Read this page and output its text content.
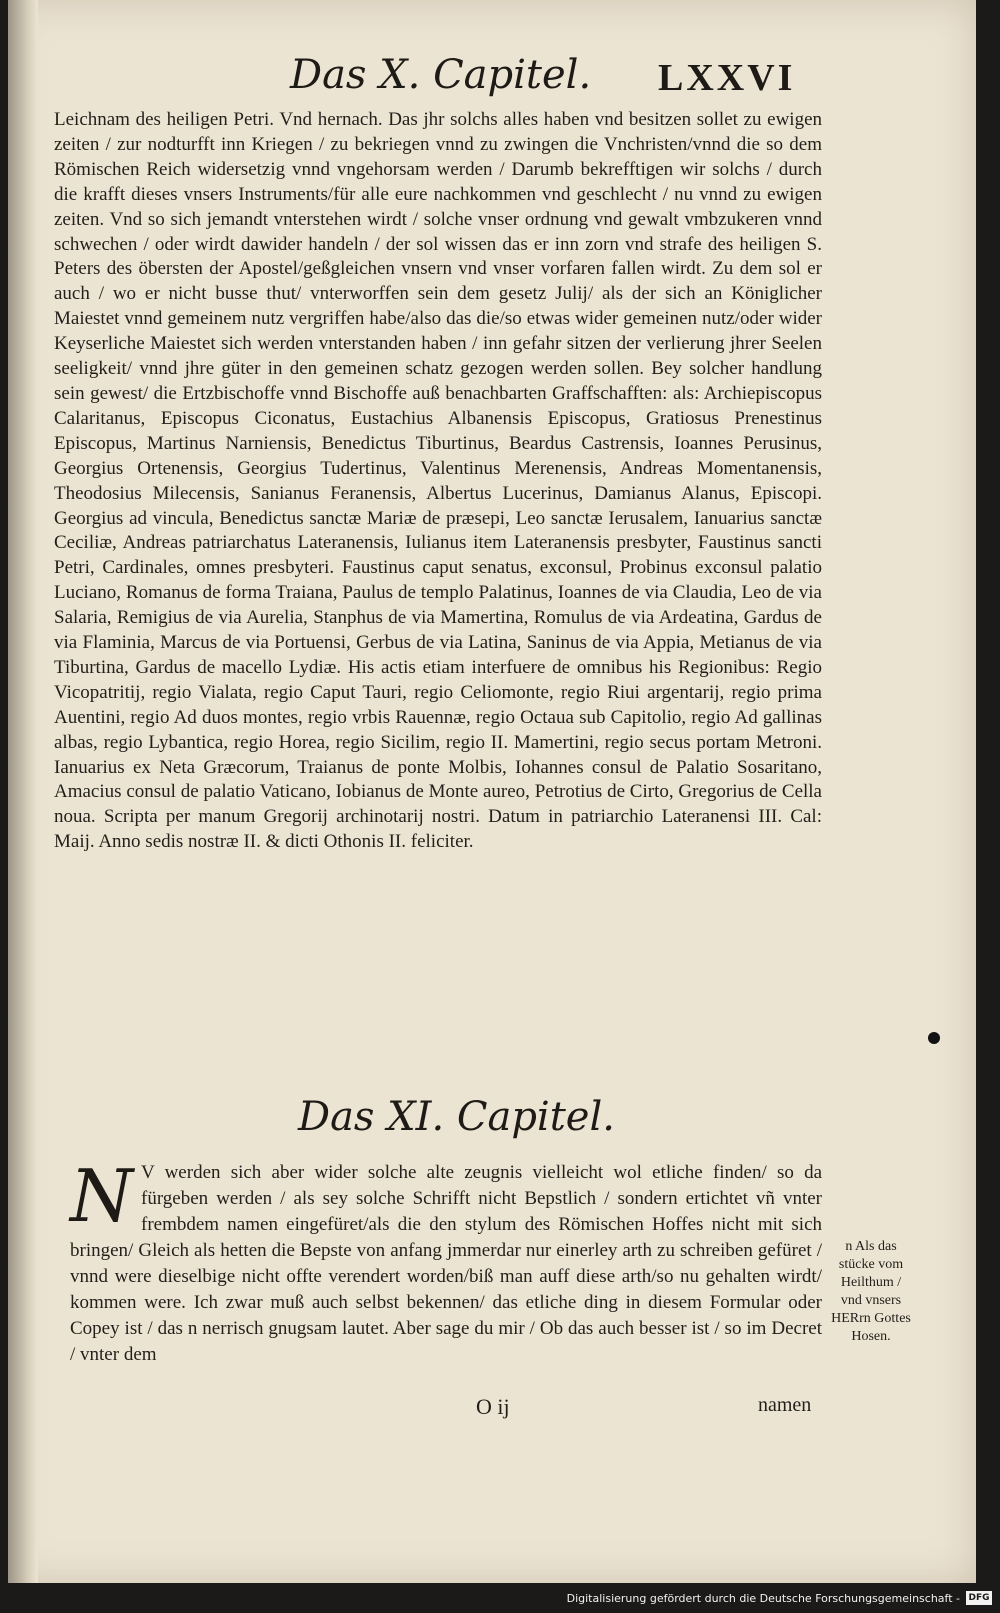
Das X. Capitel. LXXVI

Leichnam des heiligen Petri. Vnd hernach. Das jhr solchs alles haben vnd besitzen sollet zu ewigen zeiten / zur nodturfft inn Kriegen / zu bekriegen vnnd zu zwingen die Vnchristen/vnnd die so dem Römischen Reich widersetzig vnnd vngehorsam werden / Darumb bekrefftigen wir solchs / durch die krafft dieses vnsers Instruments/für alle eure nachkommen vnd geschlecht / nu vnnd zu ewigen zeiten. Vnd so sich jemandt vnterstehen wirdt / solche vnser ordnung vnd gewalt vmbzukeren vnnd schwechen / oder wirdt dawider handeln / der sol wissen das er inn zorn vnd strafe des heiligen S. Peters des öbersten der Apostel/geßgleichen vnsern vnd vnser vorfaren fallen wirdt. Zu dem sol er auch / wo er nicht busse thut/ vnterworffen sein dem gesetz Julij/ als der sich an Königlicher Maiestet vnnd gemeinem nutz vergriffen habe/also das die/so etwas wider gemeinen nutz/oder wider Keyserliche Maiestet sich werden vnterstanden haben / inn gefahr sitzen der verlierung jhrer Seelen seeligkeit/ vnnd jhre güter in den gemeinen schatz gezogen werden sollen. Bey solcher handlung sein gewest/ die Ertzbischoffe vnnd Bischoffe auß benachbarten Graffschafften: als: Archiepiscopus Calaritanus, Episcopus Ciconatus, Eustachius Albanensis Episcopus, Gratiosus Prenestinus Episcopus, Martinus Narniensis, Benedictus Tiburtinus, Beardus Castrensis, Ioannes Perusinus, Georgius Ortenensis, Georgius Tudertinus, Valentinus Merenensis, Andreas Momentanensis, Theodosius Milecensis, Sanianus Feranensis, Albertus Lucerinus, Damianus Alanus, Episcopi. Georgius ad vincula, Benedictus sanctæ Mariæ de præsepi, Leo sanctæ Ierusalem, Ianuarius sanctæ Ceciliæ, Andreas patriarchatus Lateranensis, Iulianus item Lateranensis presbyter, Faustinus sancti Petri, Cardinales, omnes presbyteri. Faustinus caput senatus, exconsul, Probinus exconsul palatio Luciano, Romanus de forma Traiana, Paulus de templo Palatinus, Ioannes de via Claudia, Leo de via Salaria, Remigius de via Aurelia, Stanphus de via Mamertina, Romulus de via Ardeatina, Gardus de via Flaminia, Marcus de via Portuensi, Gerbus de via Latina, Saninus de via Appia, Metianus de via Tiburtina, Gardus de macello Lydiæ. His actis etiam interfuere de omnibus his Regionibus: Regio Vicopatritij, regio Vialata, regio Caput Tauri, regio Celiomonte, regio Riui argentarij, regio prima Auentini, regio Ad duos montes, regio vrbis Rauennæ, regio Octaua sub Capitolio, regio Ad gallinas albas, regio Lybantica, regio Horea, regio Sicilim, regio II. Mamertini, regio secus portam Metroni. Ianuarius ex Neta Græcorum, Traianus de ponte Molbis, Iohannes consul de Palatio Sosaritano, Amacius consul de palatio Vaticano, Iobianus de Monte aureo, Petrotius de Cirto, Gregorius de Cella noua. Scripta per manum Gregorij archinotarij nostri. Datum in patriarchio Lateranensi III. Cal: Maij. Anno sedis nostræ II. & dicti Othonis II. feliciter.

Das XI. Capitel.
N V werden sich aber wider solche alte zeugnis vielleicht wol etliche finden/ so da fürgeben werden / als sey solche Schrifft nicht Bepstlich / sondern ertichtet vñ vnter frembdem namen eingefüret/als die den stylum des Römischen Hoffes nicht mit sich bringen/ Gleich als hetten die Bepste von anfang jmmerdar nur einerley arth zu schreiben gefüret / vnnd were dieselbige nicht offte verendert worden/biß man auff diese arth/so nu gehalten wirdt/ kommen were. Ich zwar muß auch selbst bekennen/ das etliche ding in diesem Formular oder Copey ist / das n nerrisch gnugsam lautet. Aber sage du mir / Ob das auch besser ist / so im Decret / vnter dem
n Als das stücke vom Heilthum / vnd vnsers HERrn Gottes Hosen.
O ij	namen
Digitalisierung gefördert durch die Deutsche Forschungsgemeinschaft - DFG
